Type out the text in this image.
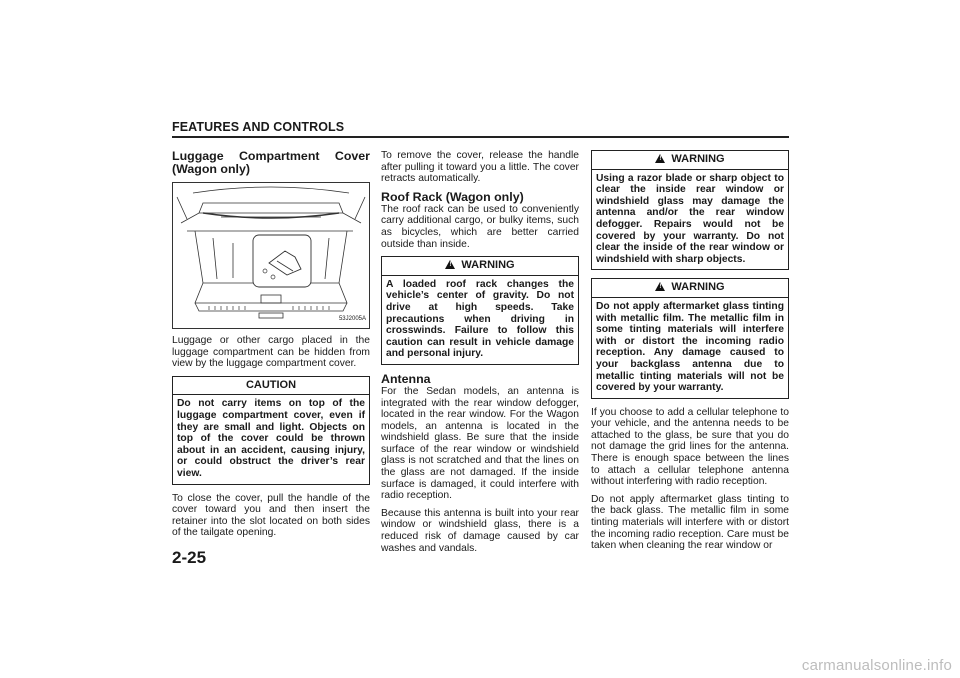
FEATURES AND CONTROLS
Luggage Compartment Cover (Wagon only)
53J2005A

Luggage or other cargo placed in the luggage compartment can be hidden from view by the luggage compartment cover.

CAUTION
Do not carry items on top of the luggage compartment cover, even if they are small and light. Objects on top of the cover could be thrown about in an accident, causing injury, or could obstruct the driver’s rear view.

To close the cover, pull the handle of the cover toward you and then insert the retainer into the slot located on both sides of the tailgate opening.

To remove the cover, release the handle after pulling it toward you a little. The cover retracts automatically.

Roof Rack (Wagon only)

The roof rack can be used to conveniently carry additional cargo, or bulky items, such as bicycles, which are better carried outside than inside.

! WARNING
A loaded roof rack changes the vehicle’s center of gravity. Do not drive at high speeds. Take precautions when driving in crosswinds. Failure to follow this caution can result in vehicle damage and personal injury.
Antenna

For the Sedan models, an antenna is integrated with the rear window defogger, located in the rear window. For the Wagon models, an antenna is located in the windshield glass. Be sure that the inside surface of the rear window or windshield glass is not scratched and that the lines on the glass are not damaged. If the inside surface is damaged, it could interfere with radio reception.

Because this antenna is built into your rear window or windshield glass, there is a reduced risk of damage caused by car washes and vandals.

! WARNING
Using a razor blade or sharp object to clear the inside rear window or windshield glass may damage the antenna and/or the rear window defogger. Repairs would not be covered by your warranty. Do not clear the inside of the rear window or windshield with sharp objects.
! WARNING
Do not apply aftermarket glass tinting with metallic film. The metallic film in some tinting materials will interfere with or distort the incoming radio reception. Any damage caused to your backglass antenna due to metallic tinting materials will not be covered by your warranty.

If you choose to add a cellular telephone to your vehicle, and the antenna needs to be attached to the glass, be sure that you do not damage the grid lines for the antenna. There is enough space between the lines to attach a cellular telephone antenna without interfering with radio reception.

Do not apply aftermarket glass tinting to the back glass. The metallic film in some tinting materials will interfere with or distort the incoming radio reception. Care must be taken when cleaning the rear window or

2-25
carmanualsonline.info
